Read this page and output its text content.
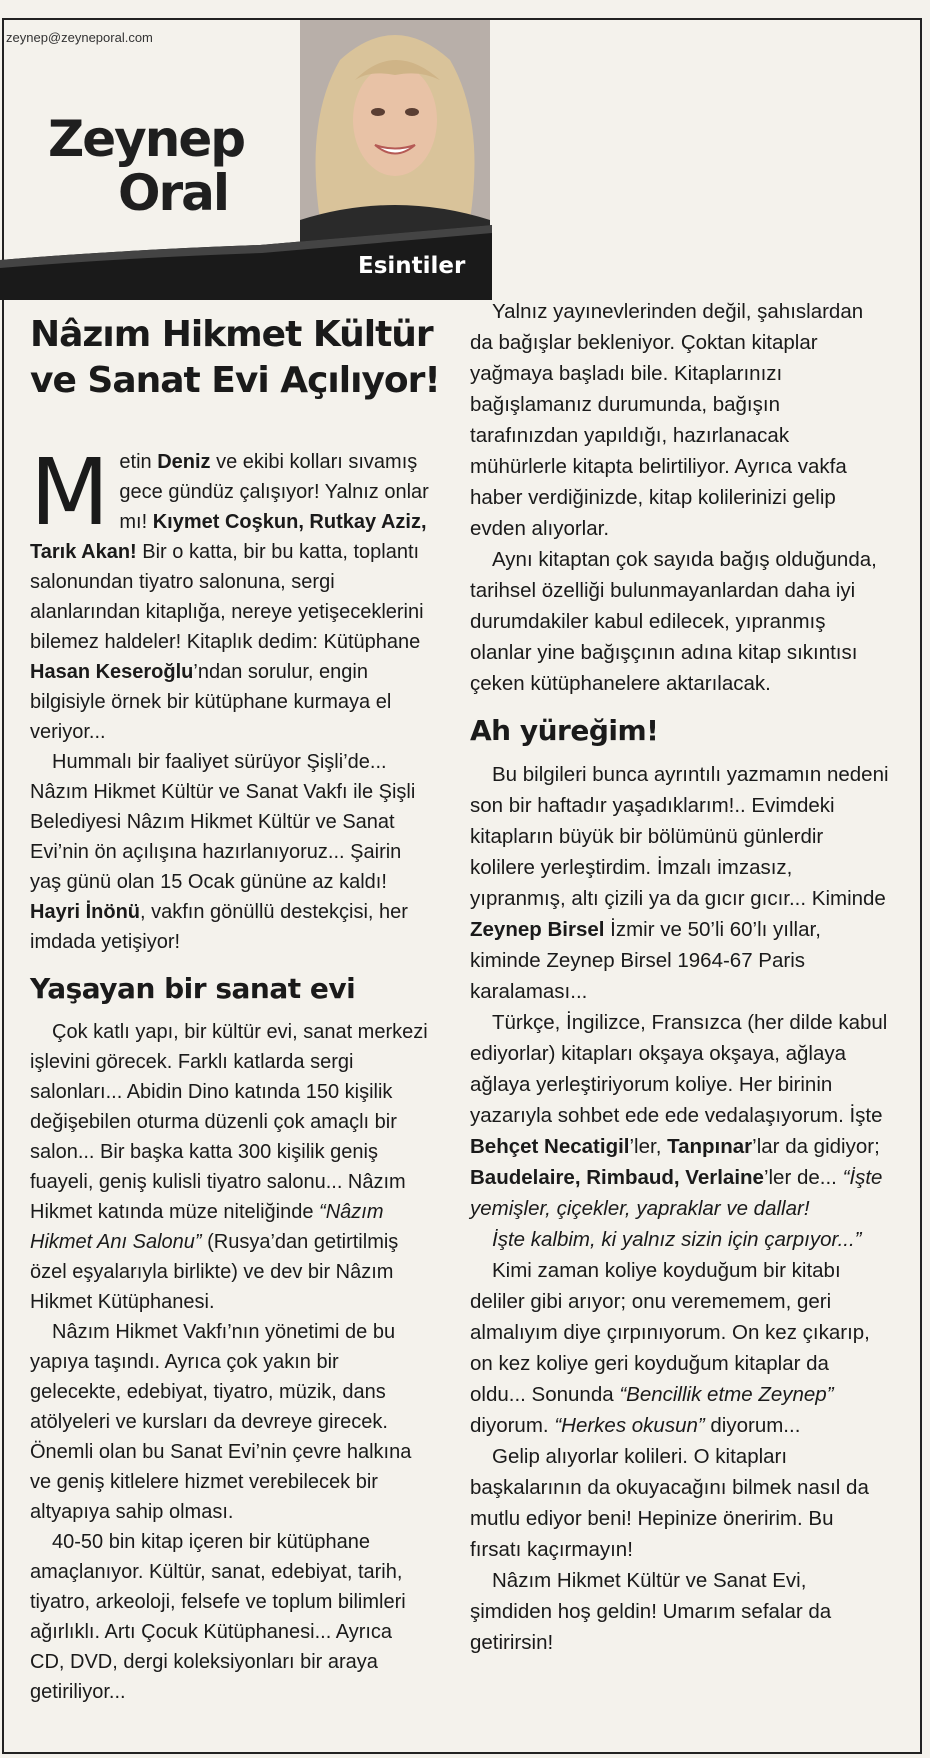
Zeynep
Oral
zeynep@zeyneporal.com
Esintiler
Nâzım Hikmet Kültür
ve Sanat Evi Açılıyor!

Metin Deniz ve ekibi kolları sıvamış gece gündüz çalışıyor! Yalnız onlar mı! Kıymet Coşkun, Rutkay Aziz, Tarık Akan! Bir o katta, bir bu katta, toplantı salonundan tiyatro salonuna, sergi alanlarından kitaplığa, nereye yetişeceklerini bilemez haldeler! Kitaplık dedim: Kütüphane Hasan Keseroğlu’ndan sorulur, engin bilgisiyle örnek bir kütüphane kurmaya el veriyor...

Hummalı bir faaliyet sürüyor Şişli’de... Nâzım Hikmet Kültür ve Sanat Vakfı ile Şişli Belediyesi Nâzım Hikmet Kültür ve Sanat Evi’nin ön açılışına hazırlanıyoruz... Şairin yaş günü olan 15 Ocak gününe az kaldı! Hayri İnönü, vakfın gönüllü destekçisi, her imdada yetişiyor!

Yaşayan bir sanat evi

Çok katlı yapı, bir kültür evi, sanat merkezi işlevini görecek. Farklı katlarda sergi salonları... Abidin Dino katında 150 kişilik değişebilen oturma düzenli çok amaçlı bir salon... Bir başka katta 300 kişilik geniş fuayeli, geniş kulisli tiyatro salonu... Nâzım Hikmet katında müze niteliğinde “Nâzım Hikmet Anı Salonu” (Rusya’dan getirtilmiş özel eşyalarıyla birlikte) ve dev bir Nâzım Hikmet Kütüphanesi.

Nâzım Hikmet Vakfı’nın yönetimi de bu yapıya taşındı. Ayrıca çok yakın bir gelecekte, edebiyat, tiyatro, müzik, dans atölyeleri ve kursları da devreye girecek. Önemli olan bu Sanat Evi’nin çevre halkına ve geniş kitlelere hizmet verebilecek bir altyapıya sahip olması.

40-50 bin kitap içeren bir kütüphane amaçlanıyor. Kültür, sanat, edebiyat, tarih, tiyatro, arkeoloji, felsefe ve toplum bilimleri ağırlıklı. Artı Çocuk Kütüphanesi... Ayrıca CD, DVD, dergi koleksiyonları bir araya getiriliyor...

Yalnız yayınevlerinden değil, şahıslardan da bağışlar bekleniyor. Çoktan kitaplar yağmaya başladı bile. Kitaplarınızı bağışlamanız durumunda, bağışın tarafınızdan yapıldığı, hazırlanacak mühürlerle kitapta belirtiliyor. Ayrıca vakfa haber verdiğinizde, kitap kolilerinizi gelip evden alıyorlar.

Aynı kitaptan çok sayıda bağış olduğunda, tarihsel özelliği bulunmayanlardan daha iyi durumdakiler kabul edilecek, yıpranmış olanlar yine bağışçının adına kitap sıkıntısı çeken kütüphanelere aktarılacak.

Ah yüreğim!

Bu bilgileri bunca ayrıntılı yazmamın nedeni son bir haftadır yaşadıklarım!.. Evimdeki kitapların büyük bir bölümünü günlerdir kolilere yerleştirdim. İmzalı imzasız, yıpranmış, altı çizili ya da gıcır gıcır... Kiminde Zeynep Birsel İzmir ve 50’li 60’lı yıllar, kiminde Zeynep Birsel 1964-67 Paris karalaması...

Türkçe, İngilizce, Fransızca (her dilde kabul ediyorlar) kitapları okşaya okşaya, ağlaya ağlaya yerleştiriyorum koliye. Her birinin yazarıyla sohbet ede ede vedalaşıyorum. İşte Behçet Necatigil’ler, Tanpınar’lar da gidiyor; Baudelaire, Rimbaud, Verlaine’ler de... “İşte yemişler, çiçekler, yapraklar ve dallar!

İşte kalbim, ki yalnız sizin için çarpıyor...”

Kimi zaman koliye koyduğum bir kitabı deliler gibi arıyor; onu verememem, geri almalıyım diye çırpınıyorum. On kez çıkarıp, on kez koliye geri koyduğum kitaplar da oldu... Sonunda “Bencillik etme Zeynep” diyorum. “Herkes okusun” diyorum...

Gelip alıyorlar kolileri. O kitapları başkalarının da okuyacağını bilmek nasıl da mutlu ediyor beni! Hepinize öneririm. Bu fırsatı kaçırmayın!

Nâzım Hikmet Kültür ve Sanat Evi, şimdiden hoş geldin! Umarım sefalar da getirirsin!
